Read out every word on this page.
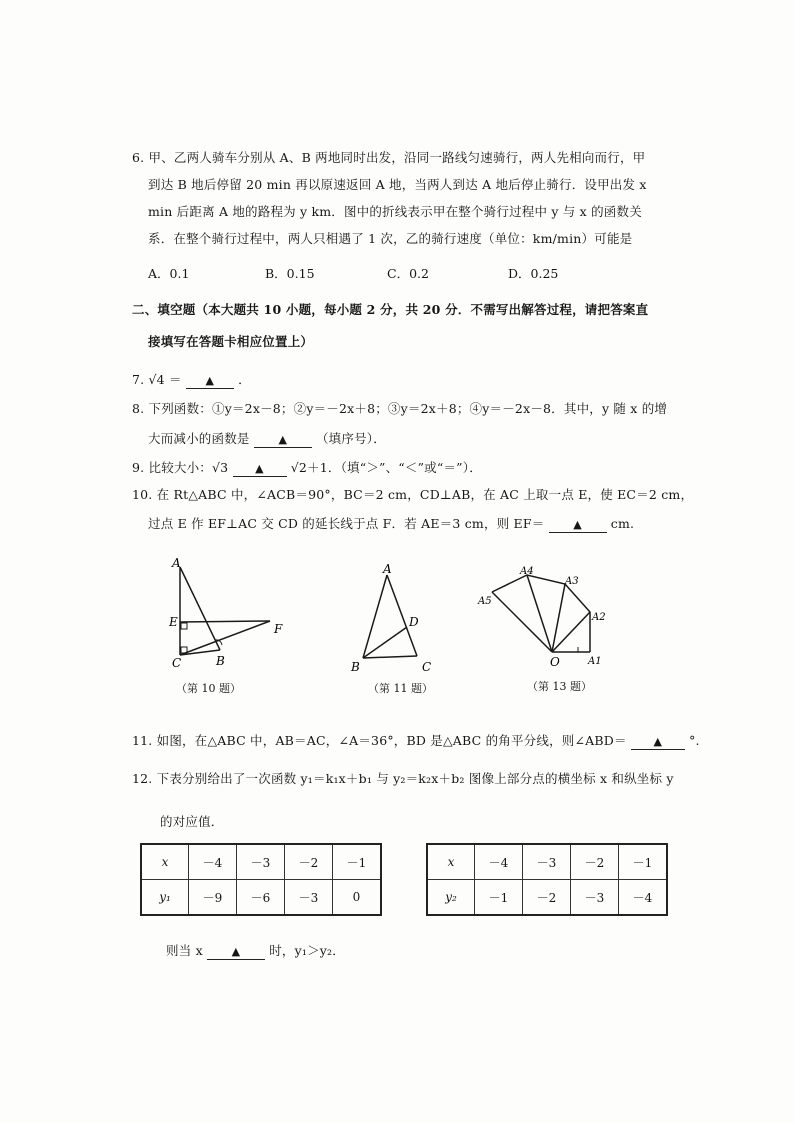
6. 甲、乙两人骑车分别从 A、B 两地同时出发，沿同一路线匀速骑行，两人先相向而行，甲
到达 B 地后停留 20 min 再以原速返回 A 地，当两人到达 A 地后停止骑行．设甲出发 x
min 后距离 A 地的路程为 y km．图中的折线表示甲在整个骑行过程中 y 与 x 的函数关
系．在整个骑行过程中，两人只相遇了 1 次，乙的骑行速度（单位：km/min）可能是
A．0.1	B．0.15	C．0.2	D．0.25
二、填空题（本大题共 10 小题，每小题 2 分，共 20 分．不需写出解答过程，请把答案直
接填写在答题卡相应位置上）
7. √4 ＝ ▲ ．
8. 下列函数：①y＝2x－8；②y＝－2x＋8；③y＝2x＋8；④y＝－2x－8．其中，y 随 x 的增
大而减小的函数是	▲ （填序号）．
9. 比较大小：√3 ▲ √2＋1．（填“＞”、“＜”或“＝”）．
10. 在 Rt△ABC 中，∠ACB＝90°，BC＝2 cm，CD⊥AB，在 AC 上取一点 E，使 EC＝2 cm，
过点 E 作 EF⊥AC 交 CD 的延长线于点 F．若 AE＝3 cm，则 EF＝	▲ cm.
A
E	F
C	B
（第 10 题）
A
D
B	C
（第 11 题）
A5
A4
A3
A2
A1
O
（第 13 题）
11. 如图，在△ABC 中，AB＝AC，∠A＝36°，BD 是△ABC 的角平分线，则∠ABD＝ ▲ °.
12. 下表分别给出了一次函数 y₁＝k₁x＋b₁ 与 y₂＝k₂x＋b₂ 图像上部分点的横坐标 x 和纵坐标 y
的对应值．
x	－4	－3	－2	－1
y₁	－9	－6	－3	0
x	－4	－3	－2	－1
y₂	－1	－2	－3	－4
则当 x	▲ 时，y₁＞y₂．
